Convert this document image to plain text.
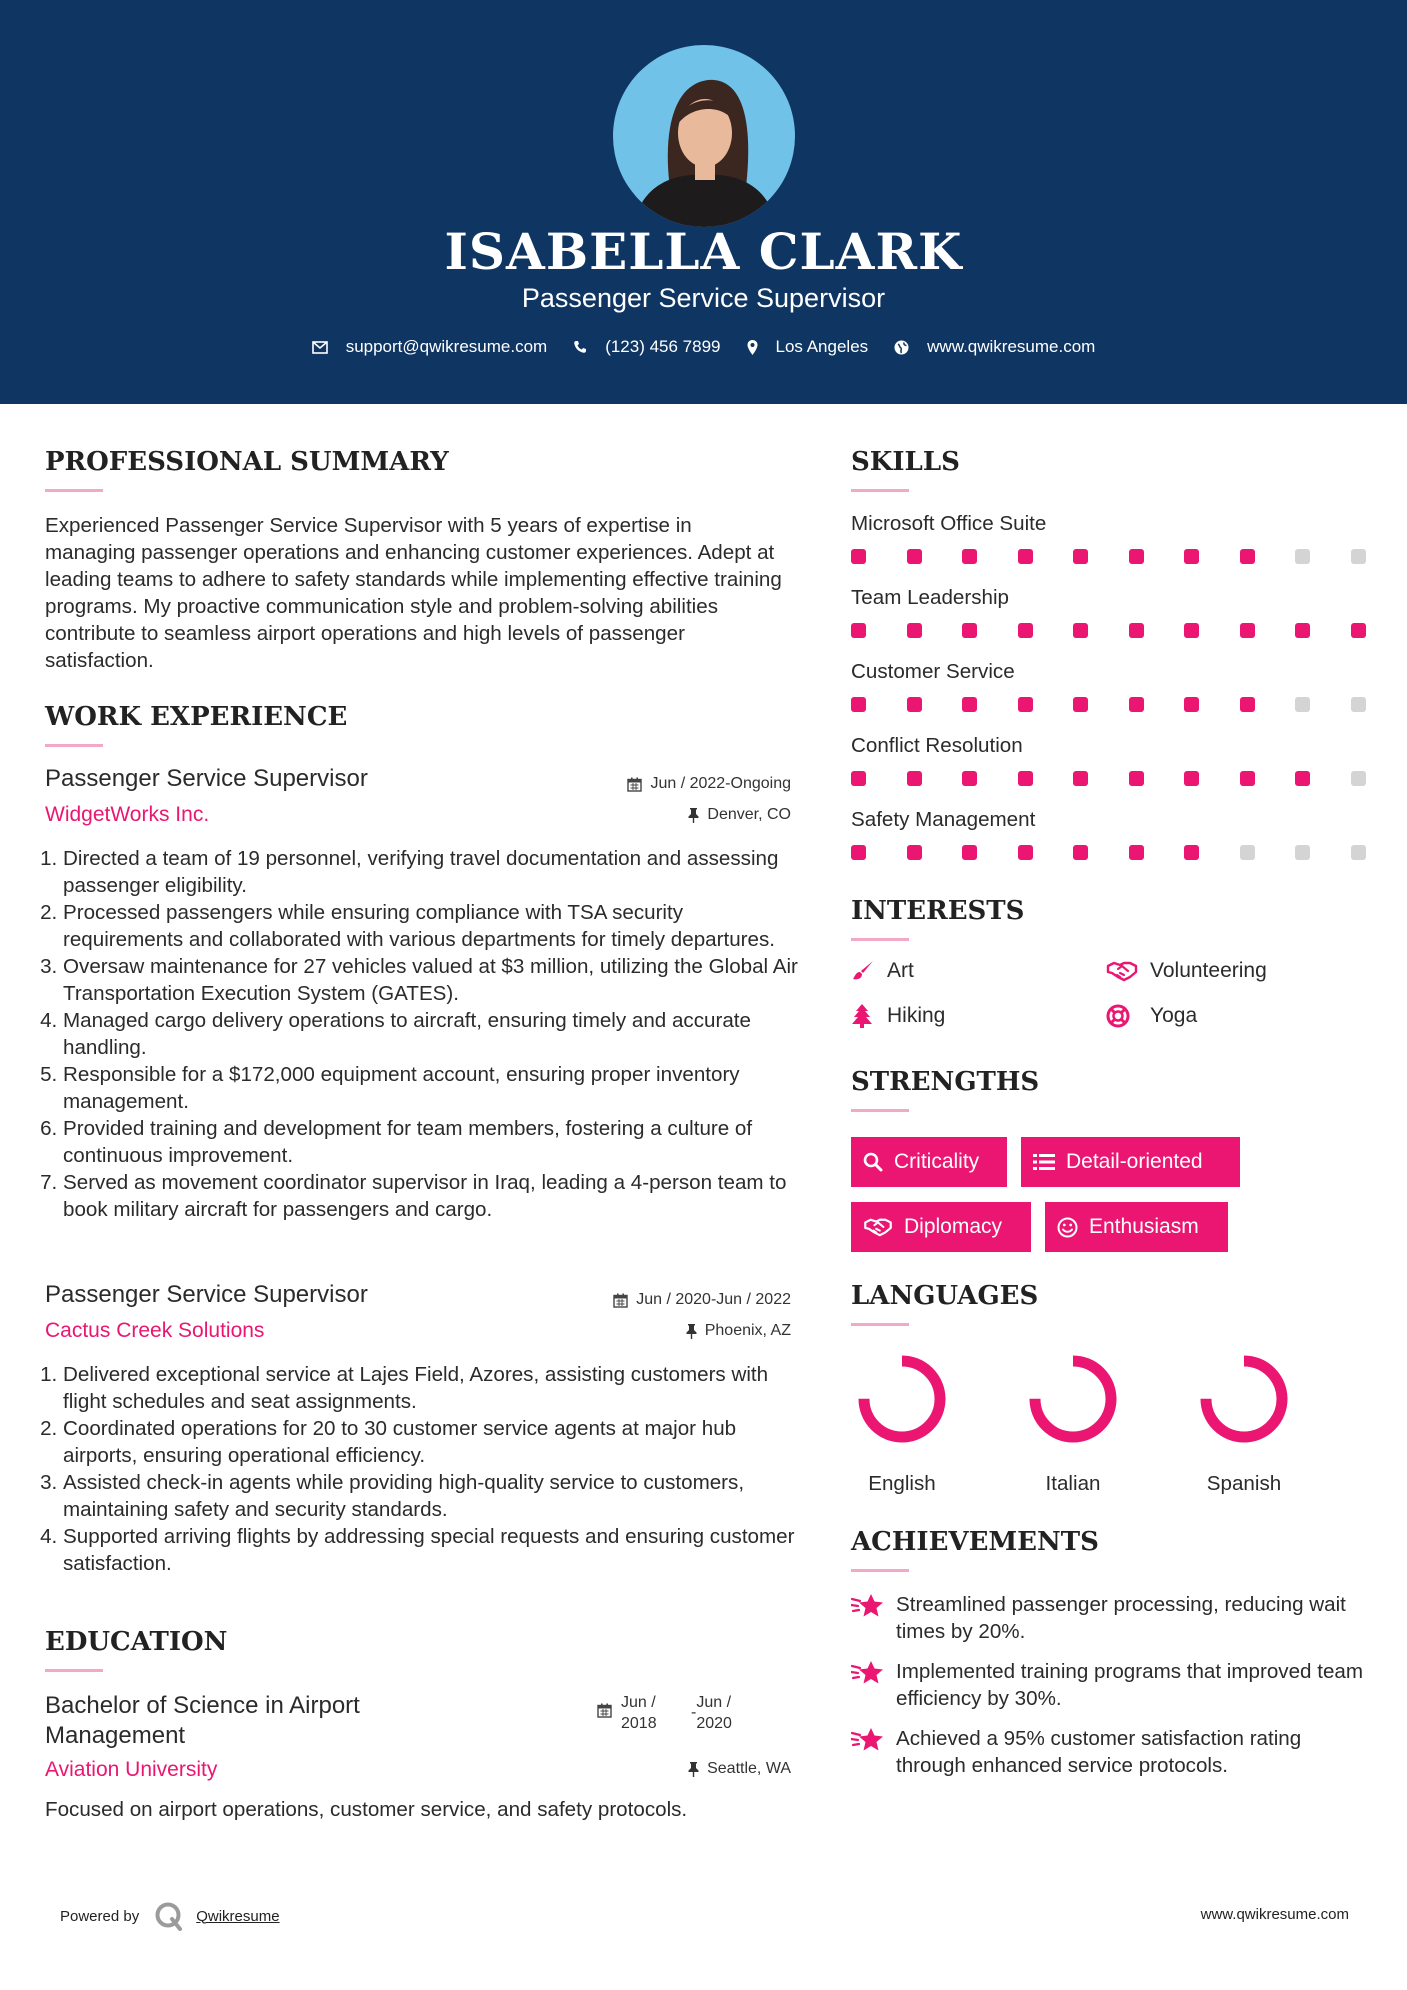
ISABELLA CLARK
Passenger Service Supervisor
support@qwikresume.com	(123) 456 7899	Los Angeles	www.qwikresume.com
PROFESSIONAL SUMMARY

Experienced Passenger Service Supervisor with 5 years of expertise in managing passenger operations and enhancing customer experiences. Adept at leading teams to adhere to safety standards while implementing effective training programs. My proactive communication style and problem-solving abilities contribute to seamless airport operations and high levels of passenger satisfaction.

WORK EXPERIENCE
Passenger Service Supervisor	Jun / 2022-Ongoing
WidgetWorks Inc.	Denver, CO
1. Directed a team of 19 personnel, verifying travel documentation and assessing passenger eligibility.
2. Processed passengers while ensuring compliance with TSA security requirements and collaborated with various departments for timely departures.
3. Oversaw maintenance for 27 vehicles valued at $3 million, utilizing the Global Air Transportation Execution System (GATES).
4. Managed cargo delivery operations to aircraft, ensuring timely and accurate handling.
5. Responsible for a $172,000 equipment account, ensuring proper inventory management.
6. Provided training and development for team members, fostering a culture of continuous improvement.
7. Served as movement coordinator supervisor in Iraq, leading a 4-person team to book military aircraft for passengers and cargo.
Passenger Service Supervisor	Jun / 2020-Jun / 2022
Cactus Creek Solutions	Phoenix, AZ
1. Delivered exceptional service at Lajes Field, Azores, assisting customers with flight schedules and seat assignments.
2. Coordinated operations for 20 to 30 customer service agents at major hub airports, ensuring operational efficiency.
3. Assisted check-in agents while providing high-quality service to customers, maintaining safety and security standards.
4. Supported arriving flights by addressing special requests and ensuring customer satisfaction.
EDUCATION
Bachelor of Science in Airport Management
Jun /
2018
-
Jun /
2020
Aviation University	Seattle, WA

Focused on airport operations, customer service, and safety protocols.

SKILLS
Microsoft Office Suite
Team Leadership
Customer Service
Conflict Resolution
Safety Management
INTERESTS
Art	Volunteering
Hiking	Yoga
STRENGTHS
Criticality	Detail-oriented
Diplomacy	Enthusiasm
LANGUAGES
English	Italian	Spanish
ACHIEVEMENTS
Streamlined passenger processing, reducing wait times by 20%.
Implemented training programs that improved team efficiency by 30%.
Achieved a 95% customer satisfaction rating through enhanced service protocols.
Powered by	Qwikresume	www.qwikresume.com
